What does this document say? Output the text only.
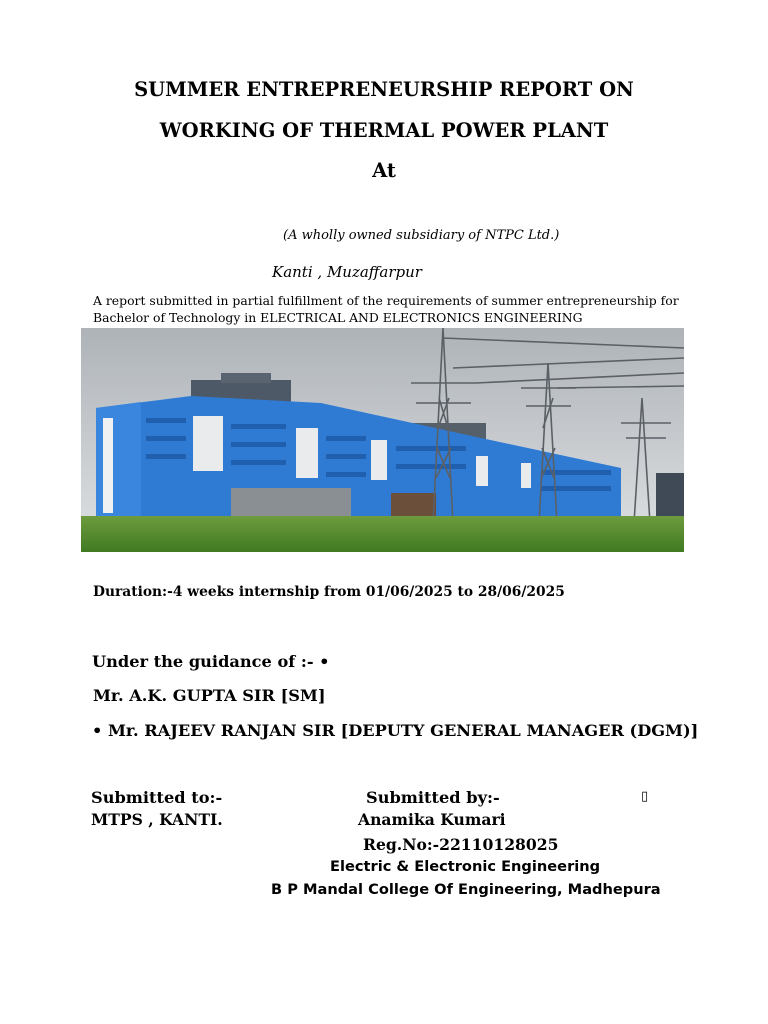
SUMMER ENTREPRENEURSHIP REPORT ON
WORKING OF THERMAL POWER PLANT
At
(A wholly owned subsidiary of NTPC Ltd.)
Kanti , Muzaffarpur
A report submitted in partial fulfillment of the requirements of summer entrepreneurship for
Bachelor of Technology in ELECTRICAL AND ELECTRONICS ENGINEERING
Duration:-4 weeks internship from 01/06/2025 to 28/06/2025
Under the guidance of :- •
Mr. A.K. GUPTA SIR [SM]
• Mr. RAJEEV RANJAN SIR [DEPUTY GENERAL MANAGER (DGM)]
Submitted to:-
MTPS , KANTI.
Submitted by:-	▯
Anamika Kumari
Reg.No:-22110128025
Electric & Electronic Engineering
B P Mandal College Of Engineering, Madhepura
